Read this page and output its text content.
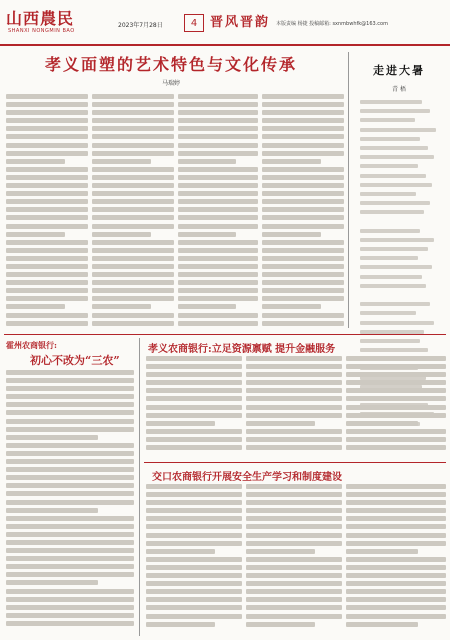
山西農民
SHANXI NONGMIN BAO
2023年7月28日	4 晋风晋韵 本版责编 杨捷 投稿邮箱: sxnmbwhfk@163.com
孝义面塑的艺术特色与文化传承
马瑞婷
走进大暑
青 梧
霍州农商银行:
初心不改为“三农”
孝义农商银行:立足资源禀赋 提升金融服务
交口农商银行开展安全生产学习和制度建设
